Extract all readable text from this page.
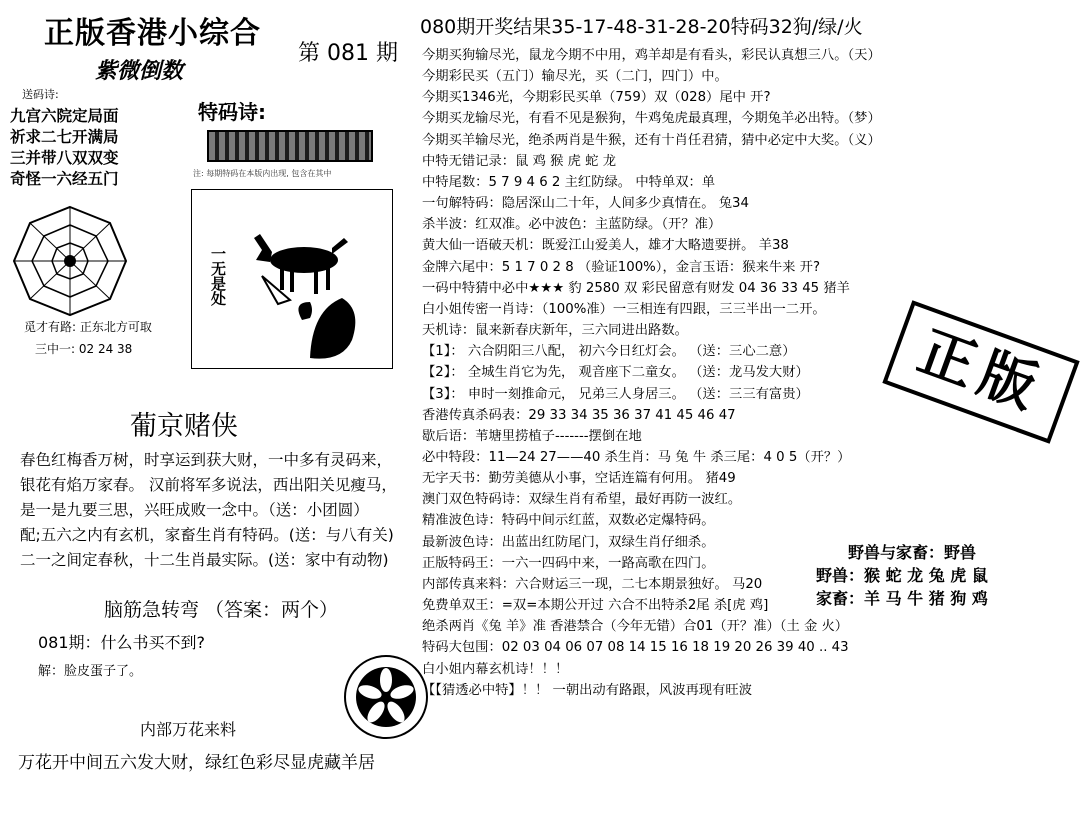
正版香港小综合
第 081 期
紫微倒数
送码诗:
九宫六院定局面
祈求二七开满局
三并带八双双变
奇怪一六经五门
特码诗:
注: 每期特码在本版内出现, 包含在其中
一无是处
觅才有路: 正东北方可取
三中一: 02 24 38
葡京赌侠
春色红梅香万树，时享运到获大财，一中多有灵码来，
银花有焰万家春。 汉前将军多说法，西出阳关见瘦马，
是一是九要三思，兴旺成败一念中。（送：小团圆）
配;五六之内有玄机，家畜生肖有特码。(送：与八有关)
二一之间定春秋，十二生肖最实际。(送：家中有动物)
脑筋急转弯 （答案：两个）
081期：什么书买不到?
解：脸皮蛋子了。
内部万花来料
万花开中间五六发大财，绿红色彩尽显虎藏羊居
080期开奖结果35-17-48-31-28-20特码32狗/绿/火
今期买狗输尽光，鼠龙今期不中用，鸡羊却是有看头，彩民认真想三八。（天）
今期彩民买（五门）输尽光，买（二门，四门）中。
今期买1346光，今期彩民买单（759）双（028）尾中 开?
今期买龙输尽光，有看不见是猴狗，牛鸡兔虎最真理，今期兔羊必出特。（梦）
今期买羊输尽光，绝杀两肖是牛猴，还有十肖任君猜，猜中必定中大奖。（义）
中特无错记录：鼠 鸡 猴 虎 蛇 龙
中特尾数：5 7 9 4 6 2 主红防绿。 中特单双：单
一句解特码：隐居深山二十年，人间多少真情在。 兔34
杀半波：红双准。必中波色：主蓝防绿。（开？准）
黄大仙一语破天机：既爱江山爱美人，雄才大略遗要拼。 羊38
金牌六尾中：5 1 7 0 2 8 （验证100%），金言玉语：猴来牛来 开?
一码中特猜中必中★★★ 豹 2580 双 彩民留意有财发 04 36 33 45 猪羊
白小姐传密一肖诗：（100%准）一三相连有四跟，三三半出一二开。
天机诗：鼠来新春庆新年，三六同进出路数。
【1】： 六合阴阳三八配， 初六今日红灯会。 （送：三心二意）
【2】： 全城生肖它为先， 观音座下二童女。 （送：龙马发大财）
【3】： 申时一刻推命元， 兄弟三人身居三。 （送：三三有富贵）
香港传真杀码表：29 33 34 35 36 37 41 45 46 47
歇后语：苇塘里捞植子-------摆倒在地
必中特段：11—24 27——40 杀生肖：马 兔 牛 杀三尾：4 0 5（开？）
无字天书：勤劳美德从小事，空话连篇有何用。 猪49
澳门双色特码诗：双绿生肖有希望，最好再防一波红。
精准波色诗：特码中间示红蓝，双数必定爆特码。
最新波色诗：出蓝出红防尾门，双绿生肖仔细杀。
正版特码王：一六一四码中来，一路高歌在四门。
内部传真来料：六合财运三一现，二七本期景独好。 马20
免费单双王：=双=本期公开过 六合不出特杀2尾 杀[虎 鸡]
绝杀两肖《兔 羊》准 香港禁合（今年无错）合01（开？准）（土 金 火）
特码大包围：02 03 04 06 07 08 14 15 16 18 19 20 26 39 40 .. 43
白小姐内幕玄机诗！！！
【【猜透必中特】！！ 一朝出动有路跟，风波再现有旺波
正版
野兽与家畜：野兽
野兽：猴 蛇 龙 兔 虎 鼠
家畜：羊 马 牛 猪 狗 鸡
